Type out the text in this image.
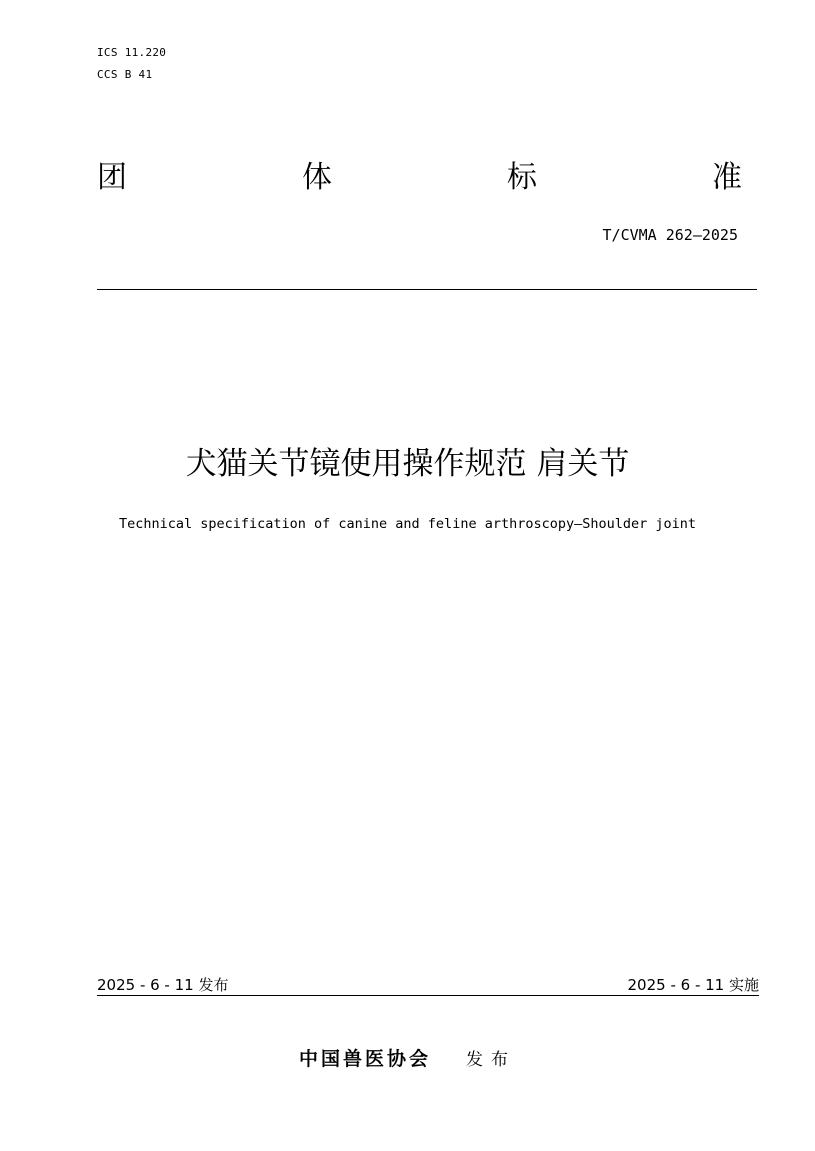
ICS 11.220
CCS B 41
团	体	标	准
T/CVMA 262—2025
犬猫关节镜使用操作规范 肩关节
Technical specification of canine and feline arthroscopy—Shoulder joint
2025 - 6 - 11 发布	2025 - 6 - 11 实施
中国兽医协会 发布
